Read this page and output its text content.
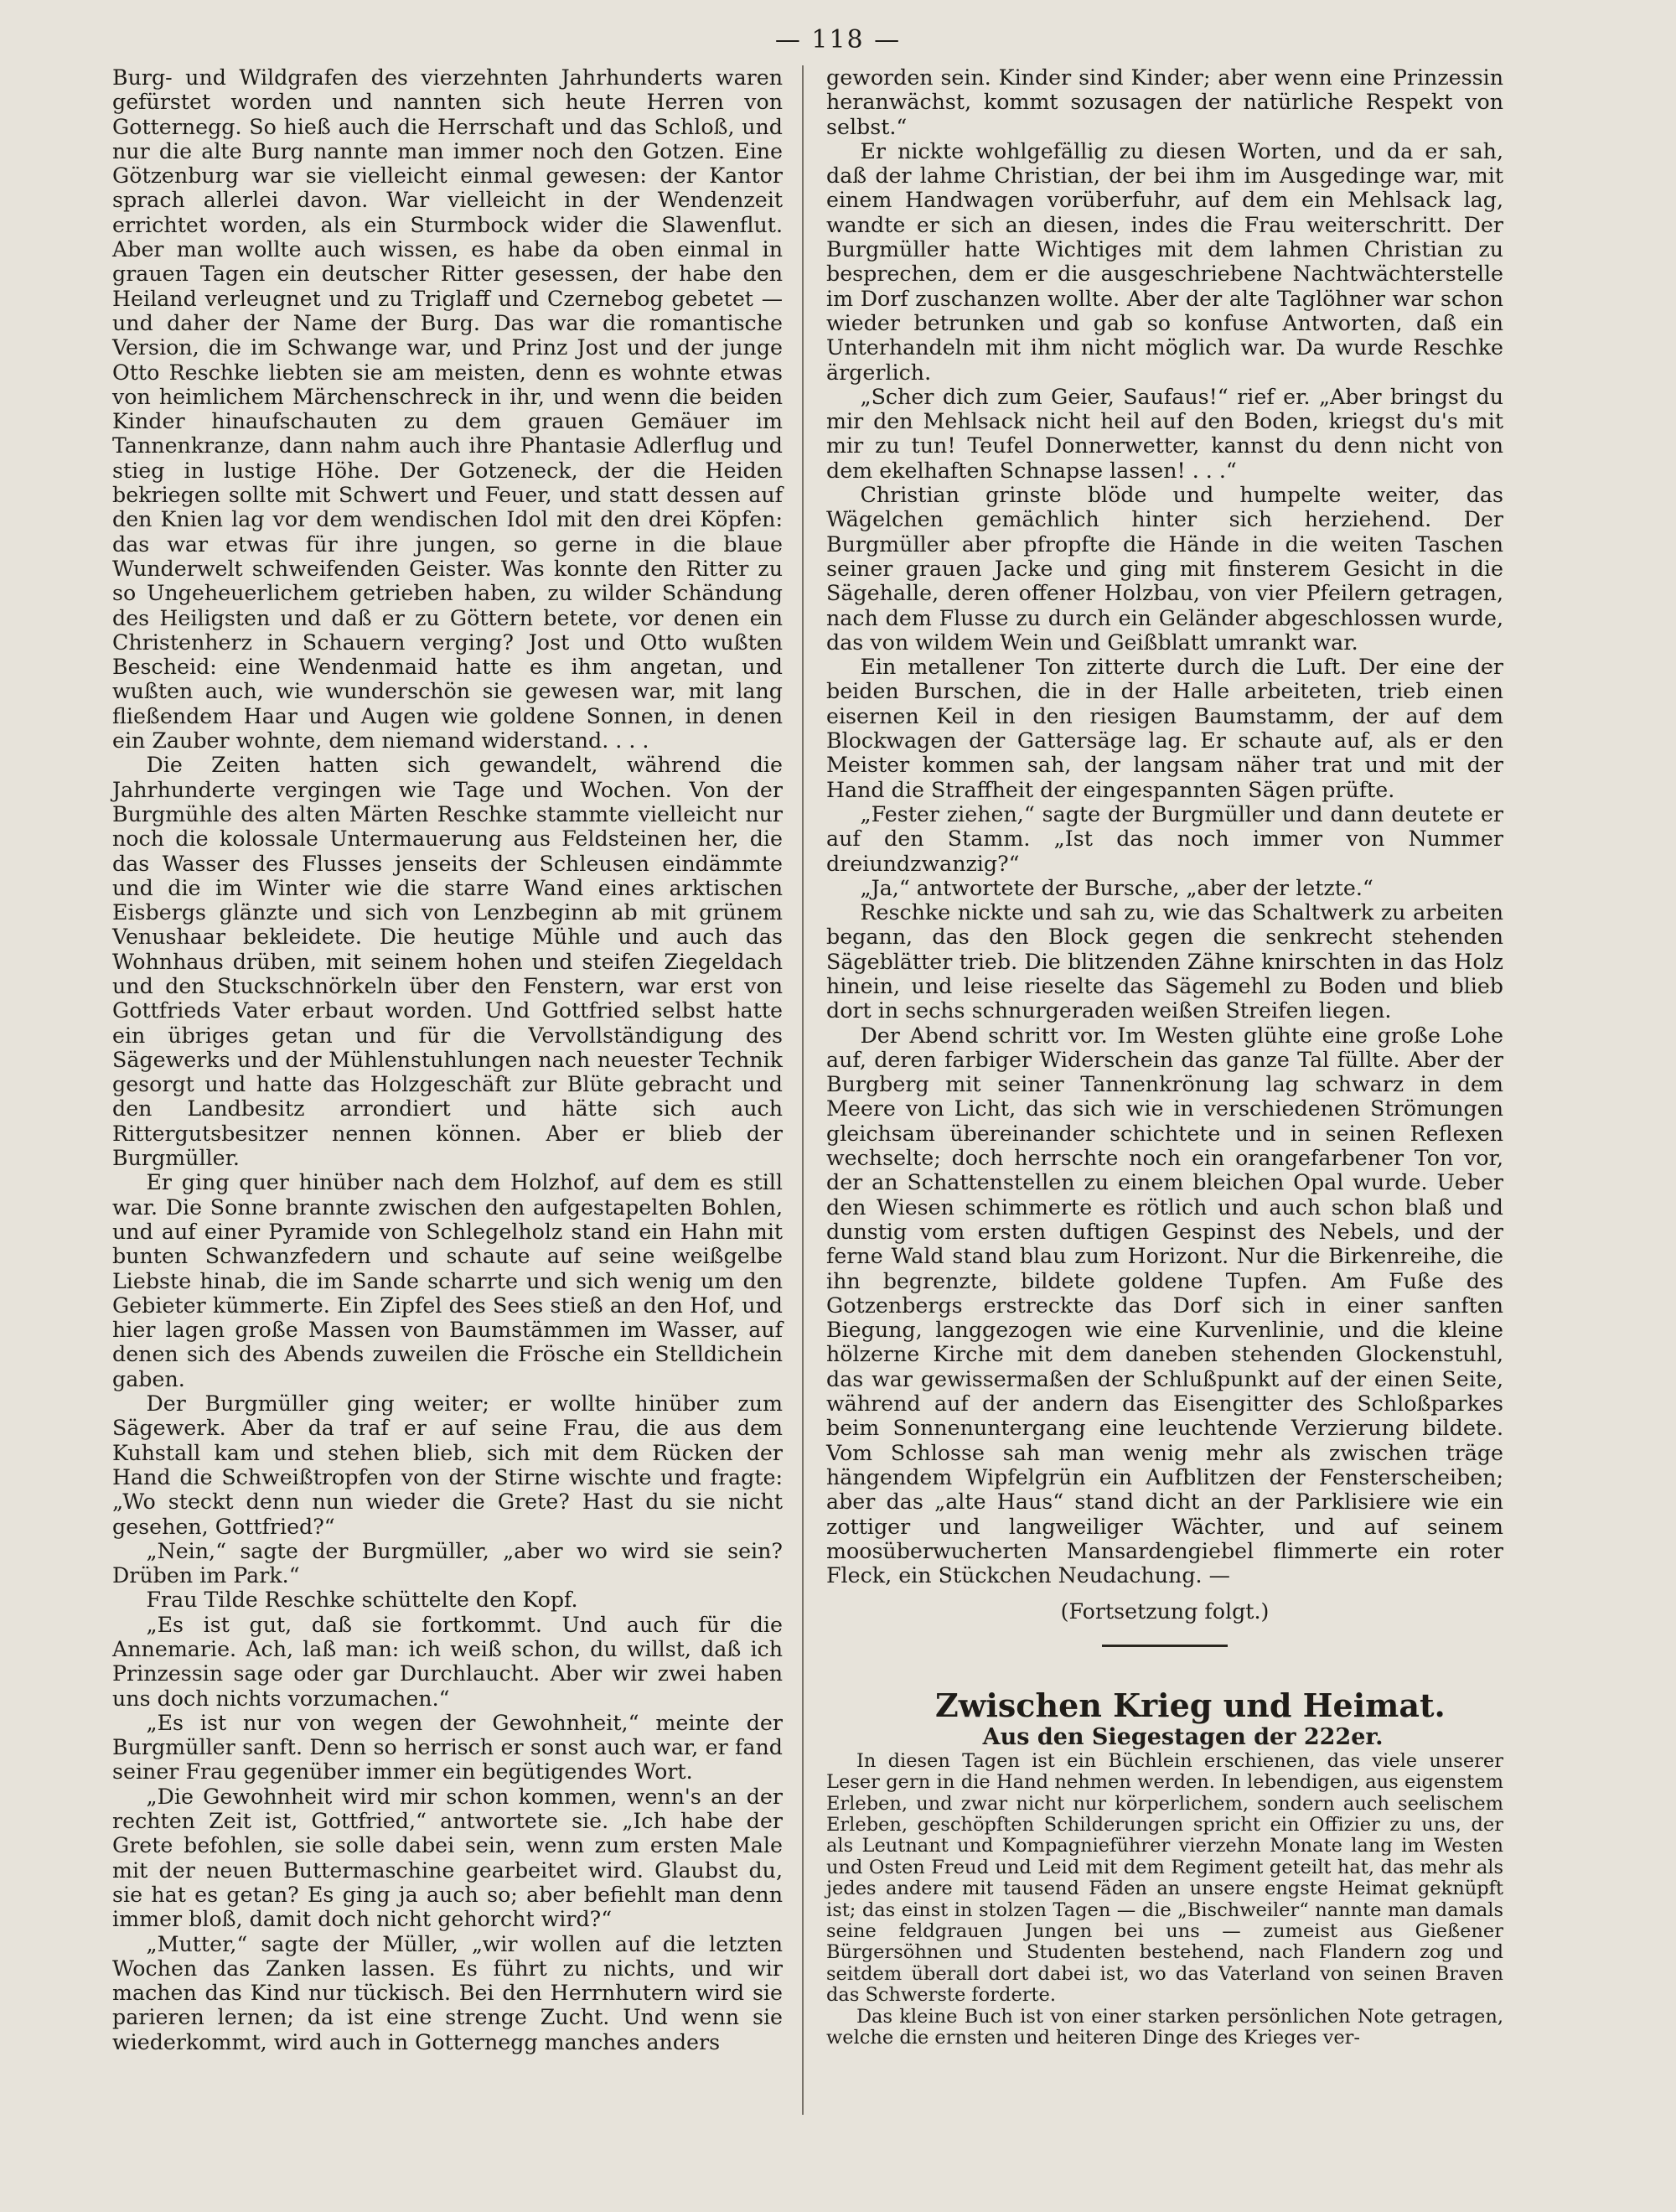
— 118 —

Burg- und Wildgrafen des vierzehnten Jahrhunderts waren gefürstet worden und nannten sich heute Herren von Gotternegg. So hieß auch die Herrschaft und das Schloß, und nur die alte Burg nannte man immer noch den Gotzen. Eine Götzenburg war sie vielleicht einmal gewesen: der Kantor sprach allerlei davon. War vielleicht in der Wendenzeit errichtet worden, als ein Sturmbock wider die Slawenflut. Aber man wollte auch wissen, es habe da oben einmal in grauen Tagen ein deutscher Ritter gesessen, der habe den Heiland verleugnet und zu Triglaff und Czernebog gebetet — und daher der Name der Burg. Das war die romantische Version, die im Schwange war, und Prinz Jost und der junge Otto Reschke liebten sie am meisten, denn es wohnte etwas von heimlichem Märchenschreck in ihr, und wenn die beiden Kinder hinaufschauten zu dem grauen Gemäuer im Tannenkranze, dann nahm auch ihre Phantasie Adlerflug und stieg in lustige Höhe. Der Gotzeneck, der die Heiden bekriegen sollte mit Schwert und Feuer, und statt dessen auf den Knien lag vor dem wendischen Idol mit den drei Köpfen: das war etwas für ihre jungen, so gerne in die blaue Wunderwelt schweifenden Geister. Was konnte den Ritter zu so Ungeheuerlichem getrieben haben, zu wilder Schändung des Heiligsten und daß er zu Göttern betete, vor denen ein Christenherz in Schauern verging? Jost und Otto wußten Bescheid: eine Wendenmaid hatte es ihm angetan, und wußten auch, wie wunderschön sie gewesen war, mit lang fließendem Haar und Augen wie goldene Sonnen, in denen ein Zauber wohnte, dem niemand widerstand. . . .

Die Zeiten hatten sich gewandelt, während die Jahrhunderte vergingen wie Tage und Wochen. Von der Burgmühle des alten Märten Reschke stammte vielleicht nur noch die kolossale Untermauerung aus Feldsteinen her, die das Wasser des Flusses jenseits der Schleusen eindämmte und die im Winter wie die starre Wand eines arktischen Eisbergs glänzte und sich von Lenzbeginn ab mit grünem Venushaar bekleidete. Die heutige Mühle und auch das Wohnhaus drüben, mit seinem hohen und steifen Ziegeldach und den Stuckschnörkeln über den Fenstern, war erst von Gottfrieds Vater erbaut worden. Und Gottfried selbst hatte ein übriges getan und für die Vervollständigung des Sägewerks und der Mühlenstuhlungen nach neuester Technik gesorgt und hatte das Holzgeschäft zur Blüte gebracht und den Landbesitz arrondiert und hätte sich auch Rittergutsbesitzer nennen können. Aber er blieb der Burgmüller.

Er ging quer hinüber nach dem Holzhof, auf dem es still war. Die Sonne brannte zwischen den aufgestapelten Bohlen, und auf einer Pyramide von Schlegelholz stand ein Hahn mit bunten Schwanzfedern und schaute auf seine weißgelbe Liebste hinab, die im Sande scharrte und sich wenig um den Gebieter kümmerte. Ein Zipfel des Sees stieß an den Hof, und hier lagen große Massen von Baumstämmen im Wasser, auf denen sich des Abends zuweilen die Frösche ein Stelldichein gaben.

Der Burgmüller ging weiter; er wollte hinüber zum Sägewerk. Aber da traf er auf seine Frau, die aus dem Kuhstall kam und stehen blieb, sich mit dem Rücken der Hand die Schweißtropfen von der Stirne wischte und fragte: „Wo steckt denn nun wieder die Grete? Hast du sie nicht gesehen, Gottfried?“

„Nein,“ sagte der Burgmüller, „aber wo wird sie sein? Drüben im Park.“

Frau Tilde Reschke schüttelte den Kopf.

„Es ist gut, daß sie fortkommt. Und auch für die Annemarie. Ach, laß man: ich weiß schon, du willst, daß ich Prinzessin sage oder gar Durchlaucht. Aber wir zwei haben uns doch nichts vorzumachen.“

„Es ist nur von wegen der Gewohnheit,“ meinte der Burgmüller sanft. Denn so herrisch er sonst auch war, er fand seiner Frau gegenüber immer ein begütigendes Wort.

„Die Gewohnheit wird mir schon kommen, wenn's an der rechten Zeit ist, Gottfried,“ antwortete sie. „Ich habe der Grete befohlen, sie solle dabei sein, wenn zum ersten Male mit der neuen Buttermaschine gearbeitet wird. Glaubst du, sie hat es getan? Es ging ja auch so; aber befiehlt man denn immer bloß, damit doch nicht gehorcht wird?“

„Mutter,“ sagte der Müller, „wir wollen auf die letzten Wochen das Zanken lassen. Es führt zu nichts, und wir machen das Kind nur tückisch. Bei den Herrnhutern wird sie parieren lernen; da ist eine strenge Zucht. Und wenn sie wiederkommt, wird auch in Gotternegg manches anders

geworden sein. Kinder sind Kinder; aber wenn eine Prinzessin heranwächst, kommt sozusagen der natürliche Respekt von selbst.“

Er nickte wohlgefällig zu diesen Worten, und da er sah, daß der lahme Christian, der bei ihm im Ausgedinge war, mit einem Handwagen vorüberfuhr, auf dem ein Mehlsack lag, wandte er sich an diesen, indes die Frau weiterschritt. Der Burgmüller hatte Wichtiges mit dem lahmen Christian zu besprechen, dem er die ausgeschriebene Nachtwächterstelle im Dorf zuschanzen wollte. Aber der alte Taglöhner war schon wieder betrunken und gab so konfuse Antworten, daß ein Unterhandeln mit ihm nicht möglich war. Da wurde Reschke ärgerlich.

„Scher dich zum Geier, Saufaus!“ rief er. „Aber bringst du mir den Mehlsack nicht heil auf den Boden, kriegst du's mit mir zu tun! Teufel Donnerwetter, kannst du denn nicht von dem ekelhaften Schnapse lassen! . . .“

Christian grinste blöde und humpelte weiter, das Wägelchen gemächlich hinter sich herziehend. Der Burgmüller aber pfropfte die Hände in die weiten Taschen seiner grauen Jacke und ging mit finsterem Gesicht in die Sägehalle, deren offener Holzbau, von vier Pfeilern getragen, nach dem Flusse zu durch ein Geländer abgeschlossen wurde, das von wildem Wein und Geißblatt umrankt war.

Ein metallener Ton zitterte durch die Luft. Der eine der beiden Burschen, die in der Halle arbeiteten, trieb einen eisernen Keil in den riesigen Baumstamm, der auf dem Blockwagen der Gattersäge lag. Er schaute auf, als er den Meister kommen sah, der langsam näher trat und mit der Hand die Straffheit der eingespannten Sägen prüfte.

„Fester ziehen,“ sagte der Burgmüller und dann deutete er auf den Stamm. „Ist das noch immer von Nummer dreiundzwanzig?“

„Ja,“ antwortete der Bursche, „aber der letzte.“

Reschke nickte und sah zu, wie das Schaltwerk zu arbeiten begann, das den Block gegen die senkrecht stehenden Sägeblätter trieb. Die blitzenden Zähne knirschten in das Holz hinein, und leise rieselte das Sägemehl zu Boden und blieb dort in sechs schnurgeraden weißen Streifen liegen.

Der Abend schritt vor. Im Westen glühte eine große Lohe auf, deren farbiger Widerschein das ganze Tal füllte. Aber der Burgberg mit seiner Tannenkrönung lag schwarz in dem Meere von Licht, das sich wie in verschiedenen Strömungen gleichsam übereinander schichtete und in seinen Reflexen wechselte; doch herrschte noch ein orangefarbener Ton vor, der an Schattenstellen zu einem bleichen Opal wurde. Ueber den Wiesen schimmerte es rötlich und auch schon blaß und dunstig vom ersten duftigen Gespinst des Nebels, und der ferne Wald stand blau zum Horizont. Nur die Birkenreihe, die ihn begrenzte, bildete goldene Tupfen. Am Fuße des Gotzenbergs erstreckte das Dorf sich in einer sanften Biegung, langgezogen wie eine Kurvenlinie, und die kleine hölzerne Kirche mit dem daneben stehenden Glockenstuhl, das war gewissermaßen der Schlußpunkt auf der einen Seite, während auf der andern das Eisengitter des Schloßparkes beim Sonnenuntergang eine leuchtende Verzierung bildete. Vom Schlosse sah man wenig mehr als zwischen träge hängendem Wipfelgrün ein Aufblitzen der Fensterscheiben; aber das „alte Haus“ stand dicht an der Parklisiere wie ein zottiger und langweiliger Wächter, und auf seinem moosüberwucherten Mansardengiebel flimmerte ein roter Fleck, ein Stückchen Neudachung. —

(Fortsetzung folgt.)

Zwischen Krieg und Heimat.

Aus den Siegestagen der 222er.

In diesen Tagen ist ein Büchlein erschienen, das viele unserer Leser gern in die Hand nehmen werden. In lebendigen, aus eigenstem Erleben, und zwar nicht nur körperlichem, sondern auch seelischem Erleben, geschöpften Schilderungen spricht ein Offizier zu uns, der als Leutnant und Kompagnieführer vierzehn Monate lang im Westen und Osten Freud und Leid mit dem Regiment geteilt hat, das mehr als jedes andere mit tausend Fäden an unsere engste Heimat geknüpft ist; das einst in stolzen Tagen — die „Bischweiler“ nannte man damals seine feldgrauen Jungen bei uns — zumeist aus Gießener Bürgersöhnen und Studenten bestehend, nach Flandern zog und seitdem überall dort dabei ist, wo das Vaterland von seinen Braven das Schwerste forderte.

Das kleine Buch ist von einer starken persönlichen Note getragen, welche die ernsten und heiteren Dinge des Krieges ver-
